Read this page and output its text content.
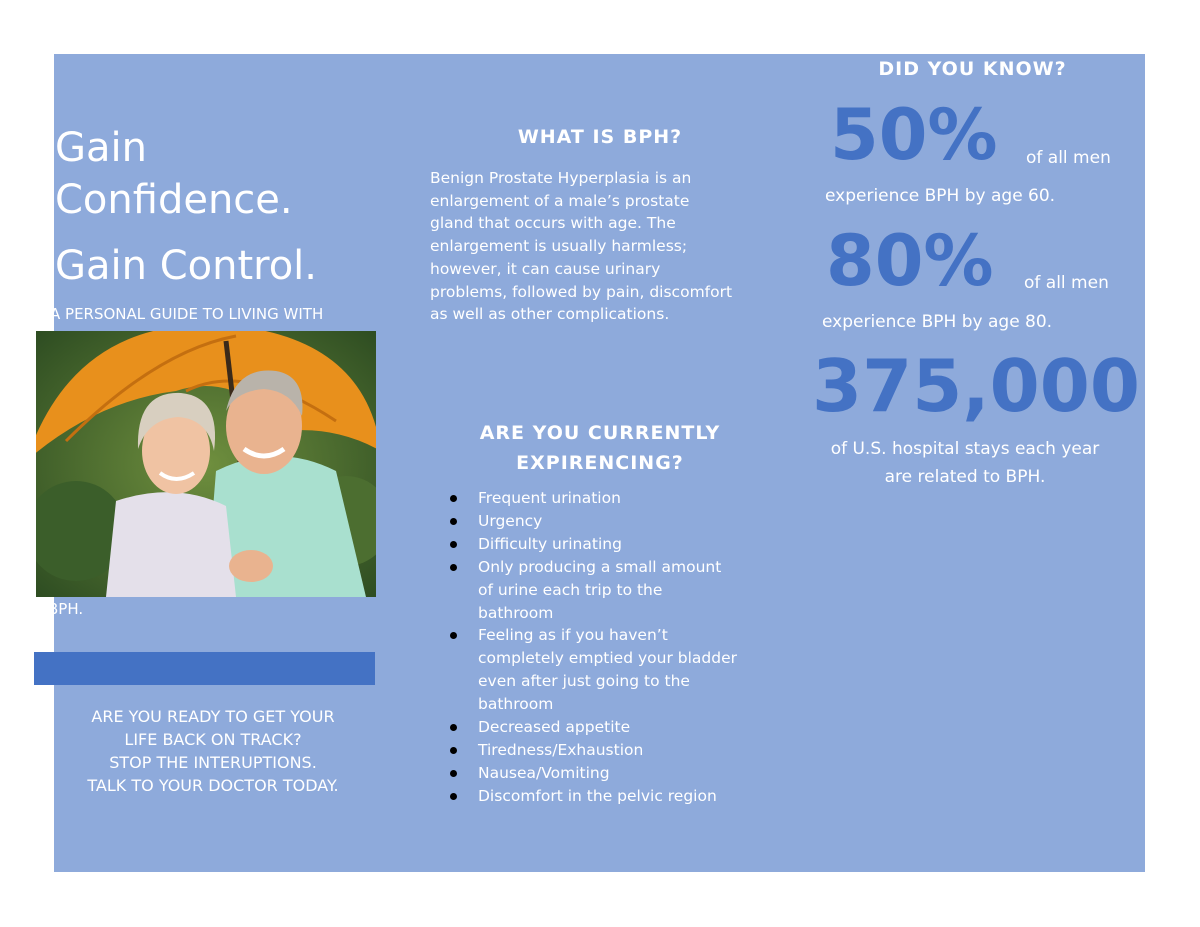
Gain
Confidence.
Gain Control.
A PERSONAL GUIDE TO LIVING WITH
BPH.
ARE YOU READY TO GET YOUR
LIFE BACK ON TRACK?
STOP THE INTERUPTIONS.
TALK TO YOUR DOCTOR TODAY.
WHAT IS BPH?
Benign Prostate Hyperplasia is an
enlargement of a male’s prostate
gland that occurs with age. The
enlargement is usually harmless;
however, it can cause urinary
problems, followed by pain, discomfort
as well as other complications.
ARE YOU CURRENTLY
EXPIRENCING?
Frequent urination
Urgency
Difficulty urinating
Only producing a small amount
of urine each trip to the
bathroom
Feeling as if you haven’t
completely emptied your bladder
even after just going to the
bathroom
Decreased appetite
Tiredness/Exhaustion
Nausea/Vomiting
Discomfort in the pelvic region
DID YOU KNOW?
50% of all men
experience BPH by age 60.
80% of all men
experience BPH by age 80.
375,000
of U.S. hospital stays each year
are related to BPH.
